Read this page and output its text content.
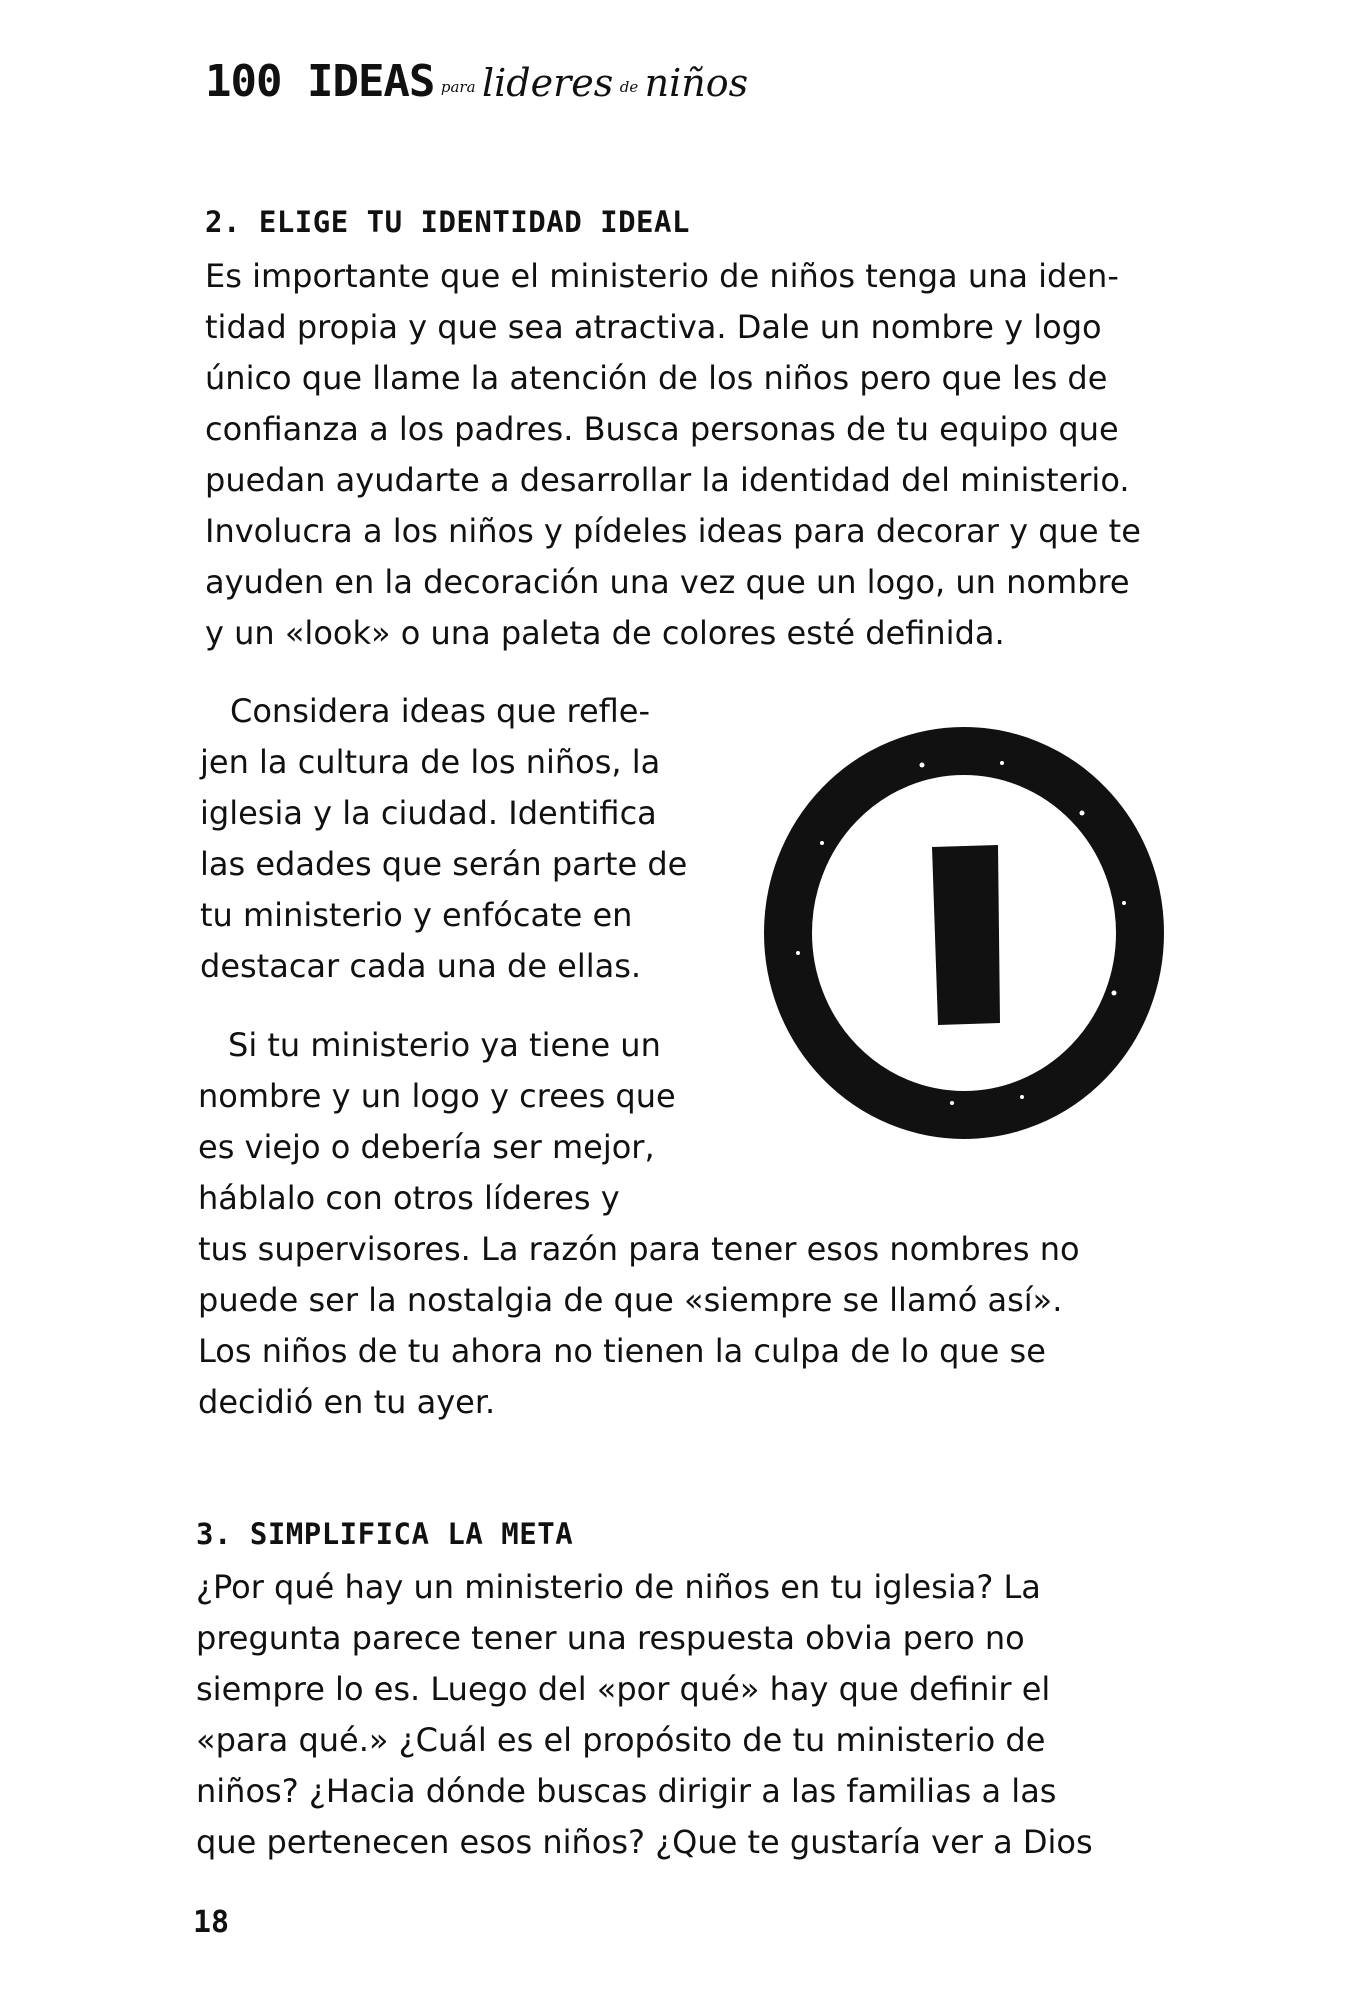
100 IDEAS para lideres de niños
2. ELIGE TU IDENTIDAD IDEAL
Es importante que el ministerio de niños tenga una iden-
tidad propia y que sea atractiva. Dale un nombre y logo
único que llame la atención de los niños pero que les de
confianza a los padres. Busca personas de tu equipo que
puedan ayudarte a desarrollar la identidad del ministerio.
Involucra a los niños y pídeles ideas para decorar y que te
ayuden en la decoración una vez que un logo, un nombre
y un «look» o una paleta de colores esté definida.
Considera ideas que refle-
jen la cultura de los niños, la
iglesia y la ciudad. Identifica
las edades que serán parte de
tu ministerio y enfócate en
destacar cada una de ellas.
Si tu ministerio ya tiene un
nombre y un logo y crees que
es viejo o debería ser mejor,
háblalo con otros líderes y
tus supervisores. La razón para tener esos nombres no
puede ser la nostalgia de que «siempre se llamó así».
Los niños de tu ahora no tienen la culpa de lo que se
decidió en tu ayer.
3. SIMPLIFICA LA META
¿Por qué hay un ministerio de niños en tu iglesia? La
pregunta parece tener una respuesta obvia pero no
siempre lo es. Luego del «por qué» hay que definir el
«para qué.» ¿Cuál es el propósito de tu ministerio de
niños? ¿Hacia dónde buscas dirigir a las familias a las
que pertenecen esos niños? ¿Que te gustaría ver a Dios
18
